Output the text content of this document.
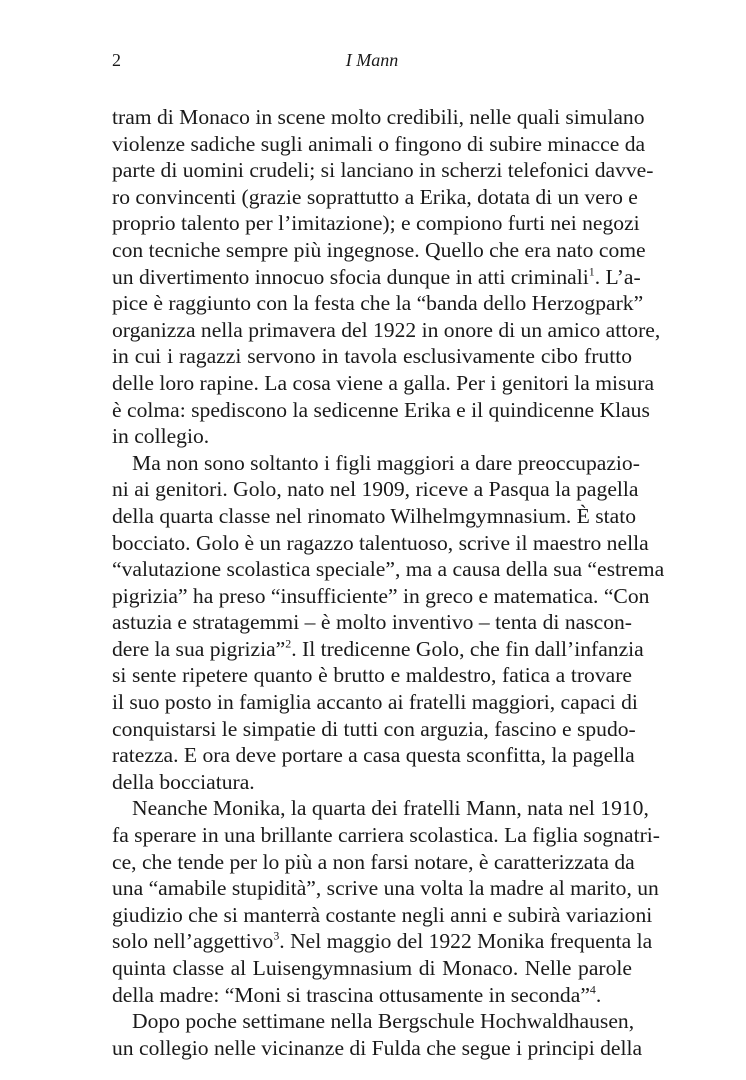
2	I Mann

tram di Monaco in scene molto credibili, nelle quali simulano
violenze sadiche sugli animali o fingono di subire minacce da
parte di uomini crudeli; si lanciano in scherzi telefonici davve-
ro convincenti (grazie soprattutto a Erika, dotata di un vero e
proprio talento per l’imitazione); e compiono furti nei negozi
con tecniche sempre più ingegnose. Quello che era nato come
un divertimento innocuo sfocia dunque in atti criminali$^1$. L’a-
pice è raggiunto con la festa che la “banda dello Herzogpark”
organizza nella primavera del 1922 in onore di un amico attore,
in cui i ragazzi servono in tavola esclusivamente cibo frutto
delle loro rapine. La cosa viene a galla. Per i genitori la misura
è colma: spediscono la sedicenne Erika e il quindicenne Klaus
in collegio.

Ma non sono soltanto i figli maggiori a dare preoccupazio-
ni ai genitori. Golo, nato nel 1909, riceve a Pasqua la pagella
della quarta classe nel rinomato Wilhelmgymnasium. È stato
bocciato. Golo è un ragazzo talentuoso, scrive il maestro nella
“valutazione scolastica speciale”, ma a causa della sua “estrema
pigrizia” ha preso “insufficiente” in greco e matematica. “Con
astuzia e stratagemmi – è molto inventivo – tenta di nascon-
dere la sua pigrizia”$^2$. Il tredicenne Golo, che fin dall’infanzia
si sente ripetere quanto è brutto e maldestro, fatica a trovare
il suo posto in famiglia accanto ai fratelli maggiori, capaci di
conquistarsi le simpatie di tutti con arguzia, fascino e spudo-
ratezza. E ora deve portare a casa questa sconfitta, la pagella
della bocciatura.

Neanche Monika, la quarta dei fratelli Mann, nata nel 1910,
fa sperare in una brillante carriera scolastica. La figlia sognatri-
ce, che tende per lo più a non farsi notare, è caratterizzata da
una “amabile stupidità”, scrive una volta la madre al marito, un
giudizio che si manterrà costante negli anni e subirà variazioni
solo nell’aggettivo$^3$. Nel maggio del 1922 Monika frequenta la
quinta classe al Luisengymnasium di Monaco. Nelle parole
della madre: “Moni si trascina ottusamente in seconda”$^4$.

Dopo poche settimane nella Bergschule Hochwaldhausen,
un collegio nelle vicinanze di Fulda che segue i principi della
